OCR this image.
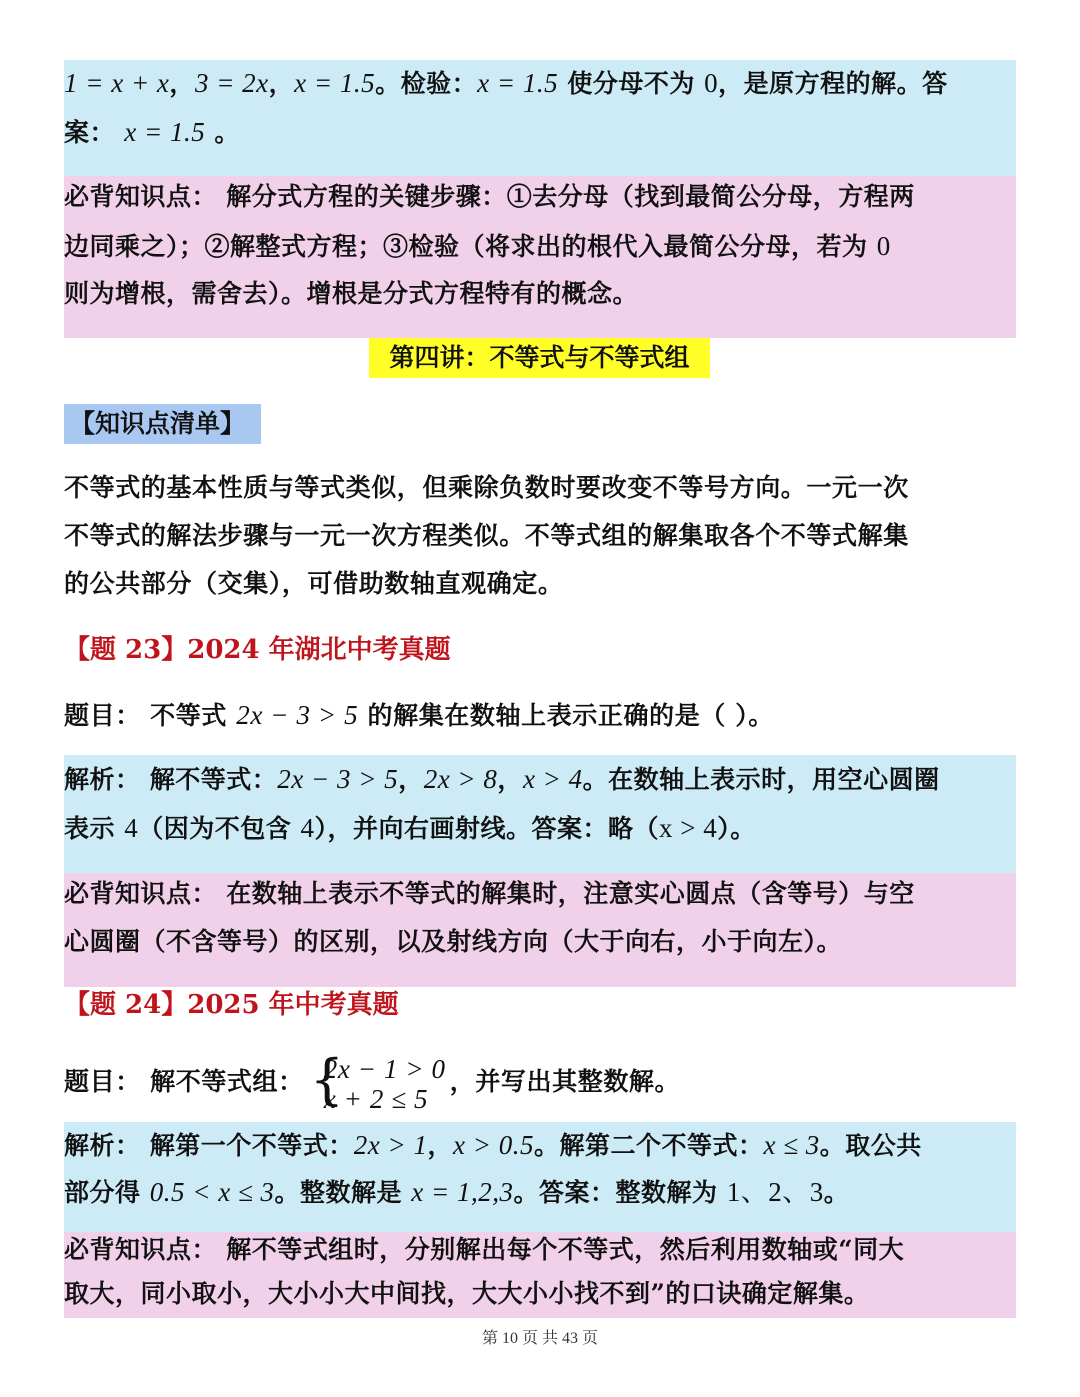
1 = x + x，3 = 2x，x = 1.5。检验：x = 1.5 使分母不为 0，是原方程的解。答
案： x = 1.5 。
必背知识点： 解分式方程的关键步骤：①去分母（找到最简公分母，方程两
边同乘之）；②解整式方程；③检验（将求出的根代入最简公分母，若为 0
则为增根，需舍去）。增根是分式方程特有的概念。
第四讲：不等式与不等式组
【知识点清单】
不等式的基本性质与等式类似，但乘除负数时要改变不等号方向。一元一次
不等式的解法步骤与一元一次方程类似。不等式组的解集取各个不等式解集
的公共部分（交集），可借助数轴直观确定。
【题 23】2024 年湖北中考真题
题目： 不等式 2x − 3 > 5 的解集在数轴上表示正确的是（ ）。
解析： 解不等式：2x − 3 > 5，2x > 8，x > 4。在数轴上表示时，用空心圆圈
表示 4（因为不包含 4），并向右画射线。答案：略（x > 4）。
必背知识点： 在数轴上表示不等式的解集时，注意实心圆点（含等号）与空
心圆圈（不含等号）的区别，以及射线方向（大于向右，小于向左）。
【题 24】2025 年中考真题
题目： 解不等式组： {
2x − 1 > 0
x + 2 ≤ 5
，并写出其整数解。
解析： 解第一个不等式：2x > 1，x > 0.5。解第二个不等式：x ≤ 3。取公共
部分得 0.5 < x ≤ 3。整数解是 x = 1,2,3。答案：整数解为 1、2、3。
必背知识点： 解不等式组时，分别解出每个不等式，然后利用数轴或“同大
取大，同小取小，大小小大中间找，大大小小找不到”的口诀确定解集。
第 10 页 共 43 页
